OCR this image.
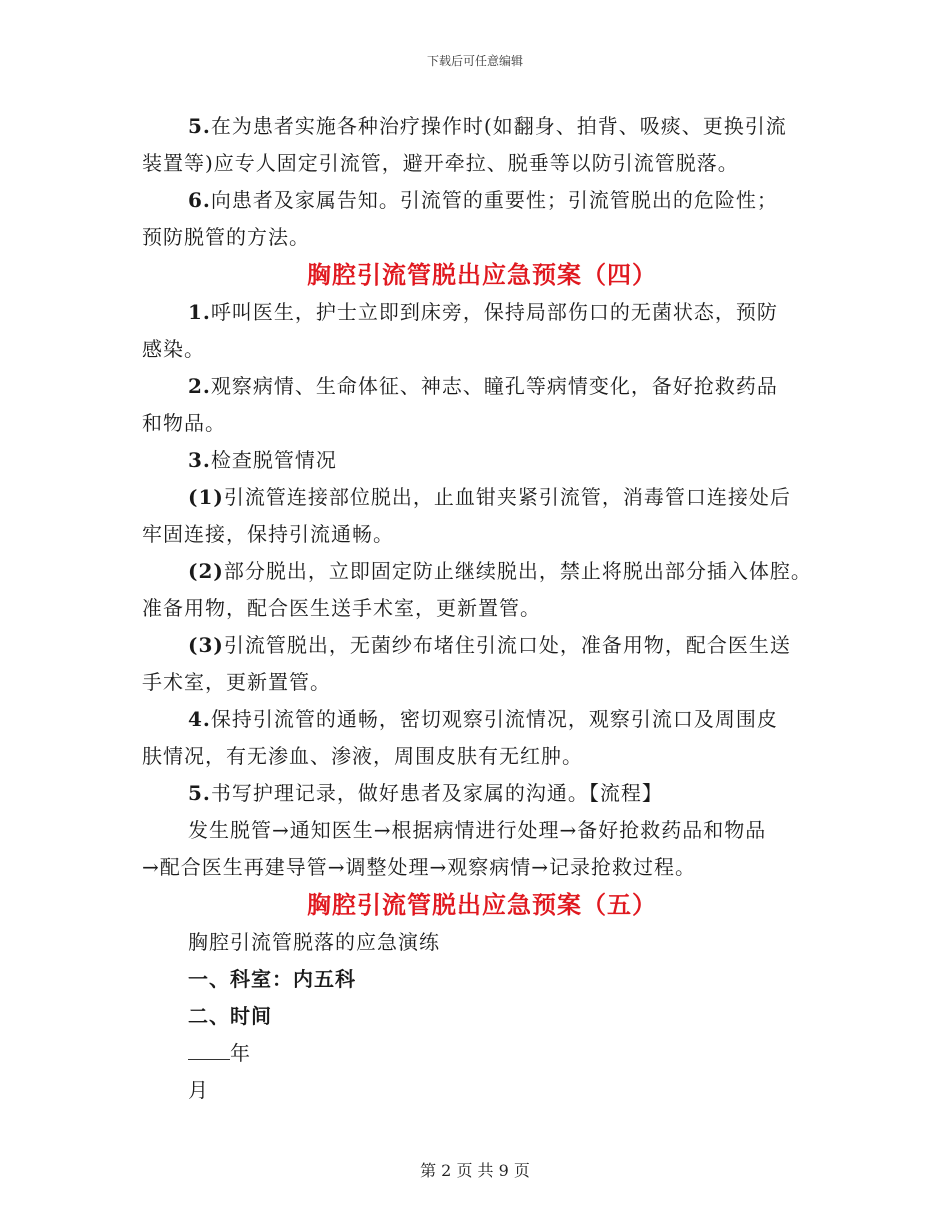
下载后可任意编辑

5.在为患者实施各种治疗操作时(如翻身、拍背、吸痰、更换引流

装置等)应专人固定引流管，避开牵拉、脱垂等以防引流管脱落。

6.向患者及家属告知。引流管的重要性；引流管脱出的危险性；

预防脱管的方法。

胸腔引流管脱出应急预案（四）

1.呼叫医生，护士立即到床旁，保持局部伤口的无菌状态，预防

感染。

2.观察病情、生命体征、神志、瞳孔等病情变化，备好抢救药品

和物品。

3.检查脱管情况

(1)引流管连接部位脱出，止血钳夹紧引流管，消毒管口连接处后

牢固连接，保持引流通畅。

(2)部分脱出，立即固定防止继续脱出，禁止将脱出部分插入体腔。

准备用物，配合医生送手术室，更新置管。

(3)引流管脱出，无菌纱布堵住引流口处，准备用物，配合医生送

手术室，更新置管。

4.保持引流管的通畅，密切观察引流情况，观察引流口及周围皮

肤情况，有无渗血、渗液，周围皮肤有无红肿。

5.书写护理记录，做好患者及家属的沟通。【流程】

发生脱管→通知医生→根据病情进行处理→备好抢救药品和物品

→配合医生再建导管→调整处理→观察病情→记录抢救过程。

胸腔引流管脱出应急预案（五）

胸腔引流管脱落的应急演练

一、科室：内五科

二、时间

年

月

第 2 页 共 9 页
